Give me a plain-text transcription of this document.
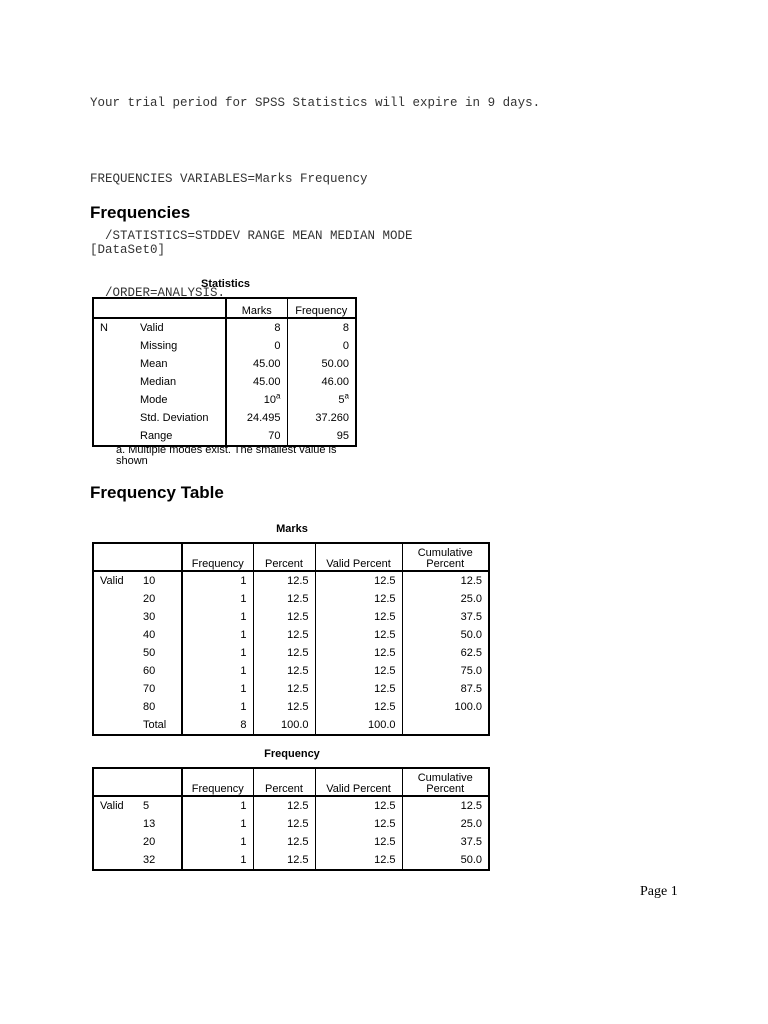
Your trial period for SPSS Statistics will expire in 9 days.

FREQUENCIES VARIABLES=Marks Frequency

/STATISTICS=STDDEV RANGE MEAN MEDIAN MODE

/ORDER=ANALYSIS.

Frequencies
[DataSet0]
Statistics
		Marks	Frequency
N	Valid	8	8
	Missing	0	0
	Mean	45.00	50.00
	Median	45.00	46.00
	Mode	10$^a$	5$^a$
	Std. Deviation	24.495	37.260
	Range	70	95
a. Multiple modes exist. The smallest value is shown
Frequency Table
Marks
		Frequency	Percent	Valid Percent	Cumulative Percent
Valid	10	1	12.5	12.5	12.5
	20	1	12.5	12.5	25.0
	30	1	12.5	12.5	37.5
	40	1	12.5	12.5	50.0
	50	1	12.5	12.5	62.5
	60	1	12.5	12.5	75.0
	70	1	12.5	12.5	87.5
	80	1	12.5	12.5	100.0
	Total	8	100.0	100.0	
Frequency
		Frequency	Percent	Valid Percent	Cumulative Percent
Valid	5	1	12.5	12.5	12.5
	13	1	12.5	12.5	25.0
	20	1	12.5	12.5	37.5
	32	1	12.5	12.5	50.0
Page 1
